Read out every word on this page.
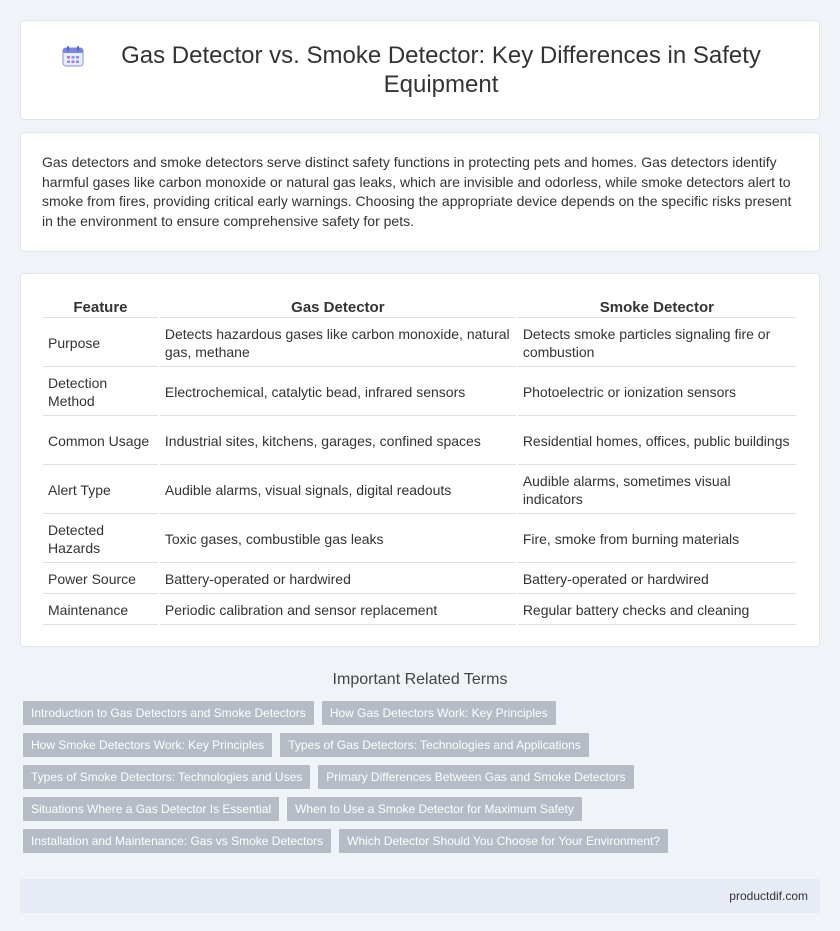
Gas Detector vs. Smoke Detector: Key Differences in Safety Equipment

Gas detectors and smoke detectors serve distinct safety functions in protecting pets and homes. Gas detectors identify harmful gases like carbon monoxide or natural gas leaks, which are invisible and odorless, while smoke detectors alert to smoke from fires, providing critical early warnings. Choosing the appropriate device depends on the specific risks present in the environment to ensure comprehensive safety for pets.

Feature	Gas Detector	Smoke Detector
Purpose	Detects hazardous gases like carbon monoxide, natural gas, methane	Detects smoke particles signaling fire or combustion
Detection Method	Electrochemical, catalytic bead, infrared sensors	Photoelectric or ionization sensors
Common Usage	Industrial sites, kitchens, garages, confined spaces	Residential homes, offices, public buildings
Alert Type	Audible alarms, visual signals, digital readouts	Audible alarms, sometimes visual indicators
Detected Hazards	Toxic gases, combustible gas leaks	Fire, smoke from burning materials
Power Source	Battery-operated or hardwired	Battery-operated or hardwired
Maintenance	Periodic calibration and sensor replacement	Regular battery checks and cleaning
Important Related Terms
Introduction to Gas Detectors and Smoke Detectors	How Gas Detectors Work: Key Principles
How Smoke Detectors Work: Key Principles	Types of Gas Detectors: Technologies and Applications
Types of Smoke Detectors: Technologies and Uses	Primary Differences Between Gas and Smoke Detectors
Situations Where a Gas Detector Is Essential	When to Use a Smoke Detector for Maximum Safety
Installation and Maintenance: Gas vs Smoke Detectors	Which Detector Should You Choose for Your Environment?
productdif.com
